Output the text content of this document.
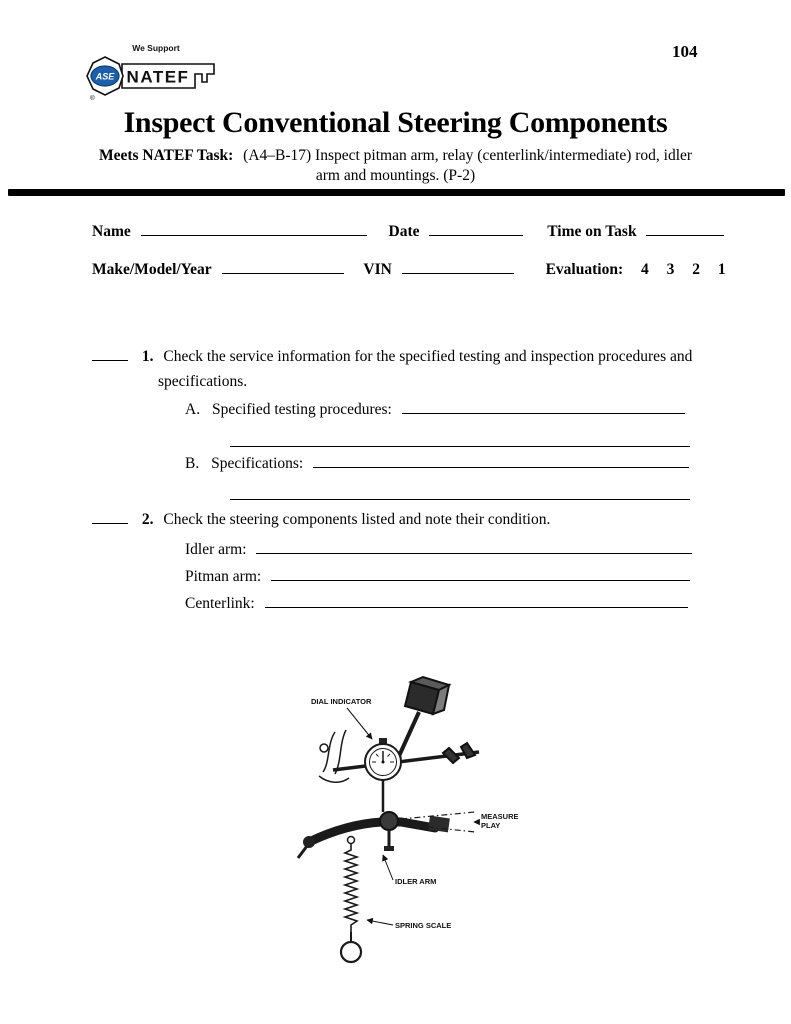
We Support
ASE NATEF
®
104
Inspect Conventional Steering Components
Meets NATEF Task: (A4–B-17) Inspect pitman arm, relay (centerlink/intermediate) rod, idler
arm and mountings. (P-2)
Name	Date	Time on Task
Make/Model/Year	VIN	Evaluation: 4 3 2 1
1. Check the service information for the specified testing and inspection procedures and
specifications.
A. Specified testing procedures:
B. Specifications:
2. Check the steering components listed and note their condition.
Idler arm:
Pitman arm:
Centerlink:
DIAL INDICATOR
MEASURE
PLAY
IDLER ARM
SPRING SCALE
